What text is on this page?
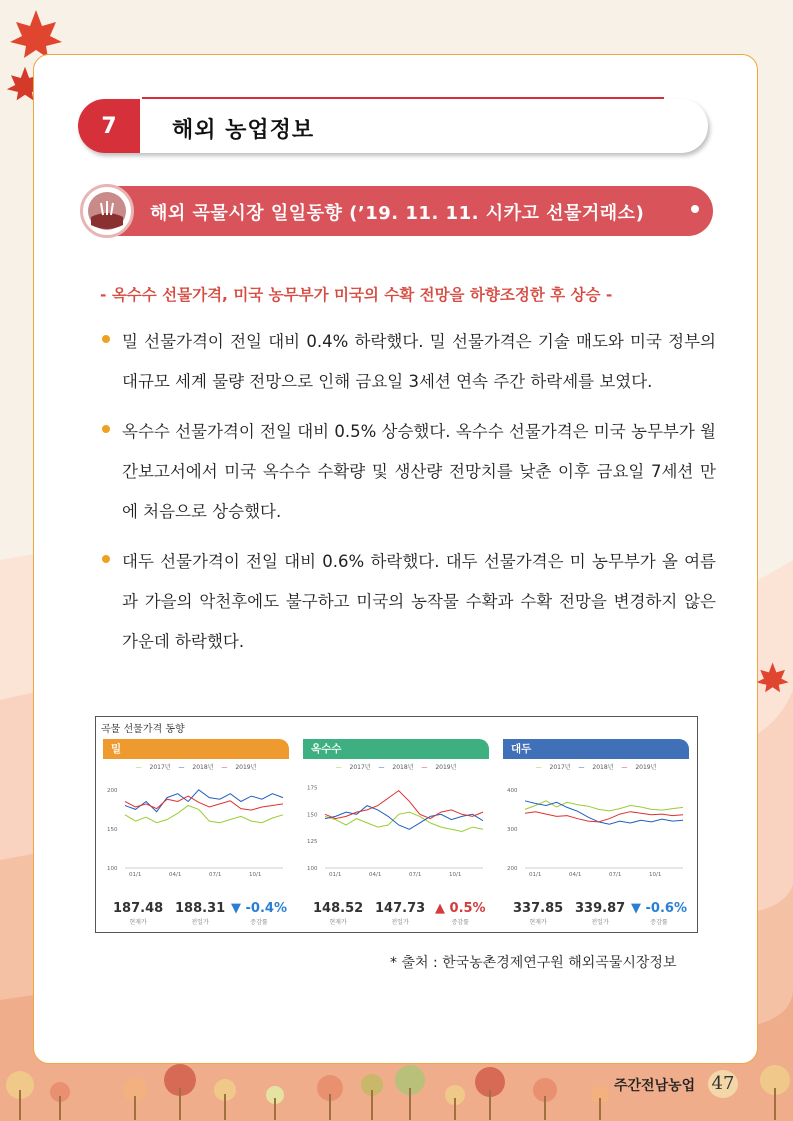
7	해외 농업정보
해외 곡물시장 일일동향 (’19. 11. 11. 시카고 선물거래소)
- 옥수수 선물가격, 미국 농무부가 미국의 수확 전망을 하향조정한 후 상승 -
밀 선물가격이 전일 대비 0.4% 하락했다. 밀 선물가격은 기술 매도와 미국 정부의 대규모 세계 물량 전망으로 인해 금요일 3세션 연속 주간 하락세를 보였다.
옥수수 선물가격이 전일 대비 0.5% 상승했다. 옥수수 선물가격은 미국 농무부가 월간보고서에서 미국 옥수수 수확량 및 생산량 전망치를 낮춘 이후 금요일 7세션 만에 처음으로 상승했다.
대두 선물가격이 전일 대비 0.6% 하락했다. 대두 선물가격은 미 농무부가 올 여름과 가을의 악천후에도 불구하고 미국의 농작물 수확과 수확 전망을 변경하지 않은 가운데 하락했다.
곡물 선물가격 동향
밀
— 2017년 — 2018년 — 2019년
200
150
100
01/1	04/1	07/1	10/1
187.48
현재가
188.31
전일가
▼ -0.4%
증감률
옥수수
— 2017년 — 2018년 — 2019년
175
150
125
100
01/1	04/1	07/1	10/1
148.52
현재가
147.73
전일가
▲ 0.5%
증감률
대두
— 2017년 — 2018년 — 2019년
400
300
200
01/1	04/1	07/1	10/1
337.85
현재가
339.87
전일가
▼ -0.6%
증감률
* 출처 : 한국농촌경제연구원 해외곡물시장정보
주간전남농업 47
